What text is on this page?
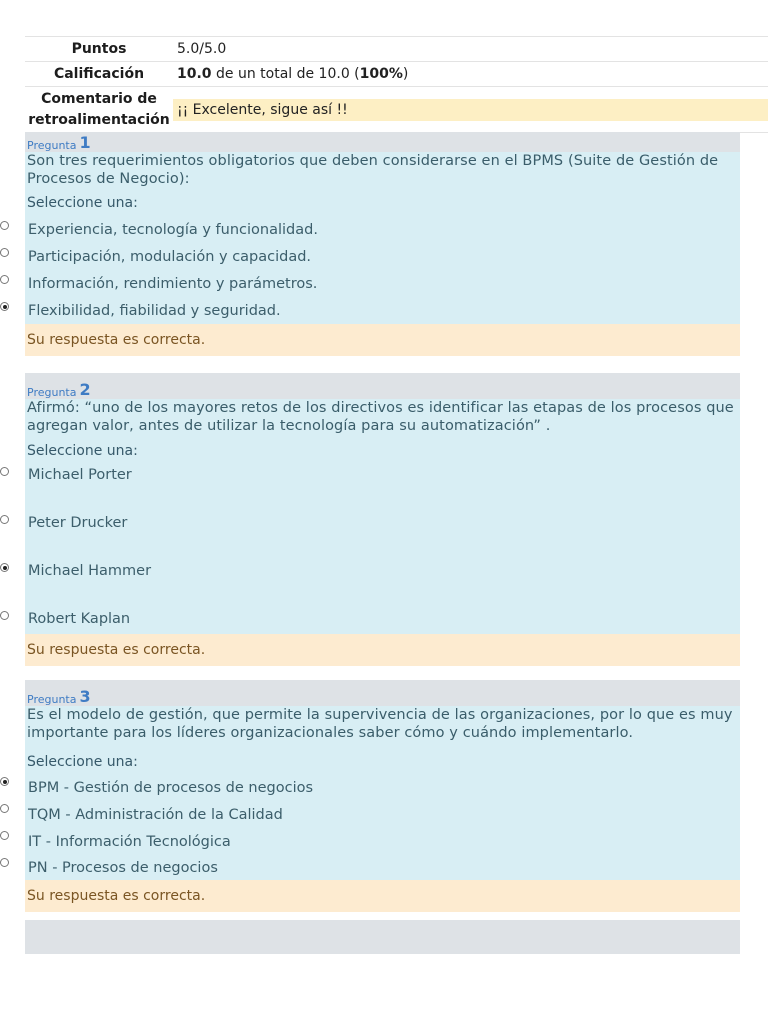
Puntos	5.0/5.0
Calificación	10.0 de un total de 10.0 ( 100% )
Comentario de
retroalimentación
¡¡ Excelente, sigue así !!
Pregunta 1
Son tres requerimientos obligatorios que deben considerarse en el BPMS (Suite de Gestión de Procesos de Negocio):
Seleccione una:
Experiencia, tecnología y funcionalidad.
Participación, modulación y capacidad.
Información, rendimiento y parámetros.
Flexibilidad, fiabilidad y seguridad.
Su respuesta es correcta.
Pregunta 2
Afirmó: “uno de los mayores retos de los directivos es identificar las etapas de los procesos que agregan valor, antes de utilizar la tecnología para su automatización” .
Seleccione una:
Michael Porter
Peter Drucker
Michael Hammer
Robert Kaplan
Su respuesta es correcta.
Pregunta 3
Es el modelo de gestión, que permite la supervivencia de las organizaciones, por lo que es muy importante para los líderes organizacionales saber cómo y cuándo implementarlo.
Seleccione una:
BPM - Gestión de procesos de negocios
TQM - Administración de la Calidad
IT - Información Tecnológica
PN - Procesos de negocios
Su respuesta es correcta.
